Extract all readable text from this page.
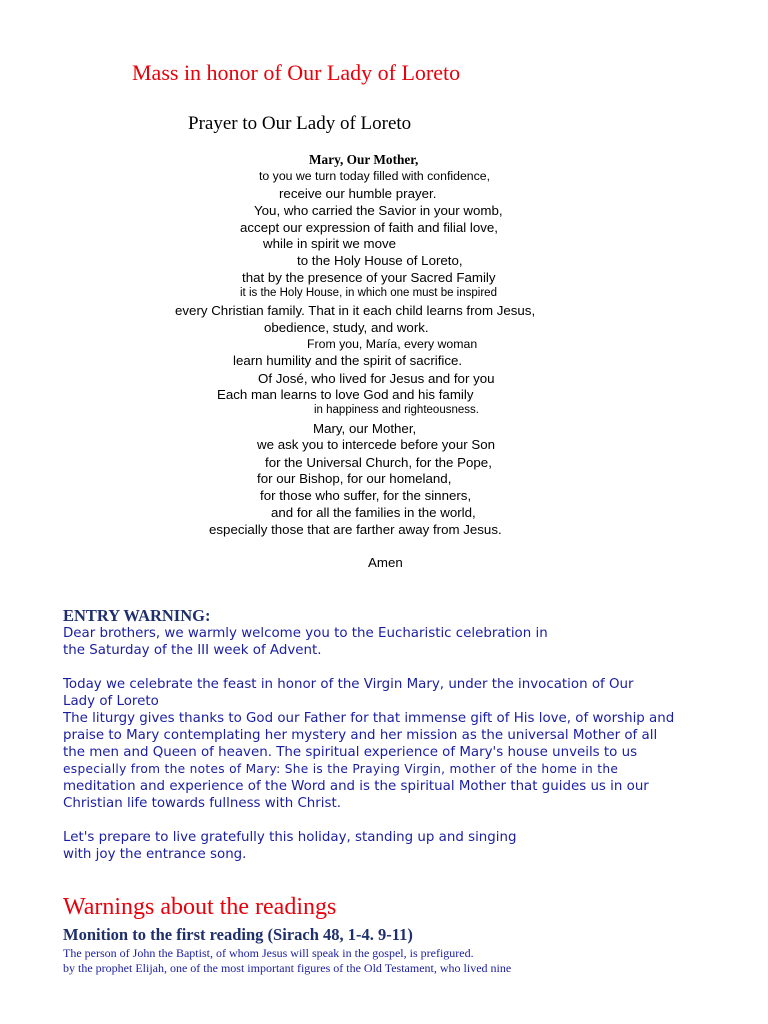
Mass in honor of Our Lady of Loreto
Prayer to Our Lady of Loreto
Mary, Our Mother,
to you we turn today filled with confidence,
receive our humble prayer.
You, who carried the Savior in your womb,
accept our expression of faith and filial love,
while in spirit we move
to the Holy House of Loreto,
that by the presence of your Sacred Family
it is the Holy House, in which one must be inspired
every Christian family. That in it each child learns from Jesus,
obedience, study, and work.
From you, María, every woman
learn humility and the spirit of sacrifice.
Of José, who lived for Jesus and for you
Each man learns to love God and his family
in happiness and righteousness.
Mary, our Mother,
we ask you to intercede before your Son
for the Universal Church, for the Pope,
for our Bishop, for our homeland,
for those who suffer, for the sinners,
and for all the families in the world,
especially those that are farther away from Jesus.
Amen
ENTRY WARNING:
Dear brothers, we warmly welcome you to the Eucharistic celebration in
the Saturday of the III week of Advent.
Today we celebrate the feast in honor of the Virgin Mary, under the invocation of Our
Lady of Loreto
The liturgy gives thanks to God our Father for that immense gift of His love, of worship and
praise to Mary contemplating her mystery and her mission as the universal Mother of all
the men and Queen of heaven. The spiritual experience of Mary's house unveils to us
especially from the notes of Mary: She is the Praying Virgin, mother of the home in the
meditation and experience of the Word and is the spiritual Mother that guides us in our
Christian life towards fullness with Christ.
Let's prepare to live gratefully this holiday, standing up and singing
with joy the entrance song.
Warnings about the readings
Monition to the first reading (Sirach 48, 1-4. 9-11)
The person of John the Baptist, of whom Jesus will speak in the gospel, is prefigured.
by the prophet Elijah, one of the most important figures of the Old Testament, who lived nine
